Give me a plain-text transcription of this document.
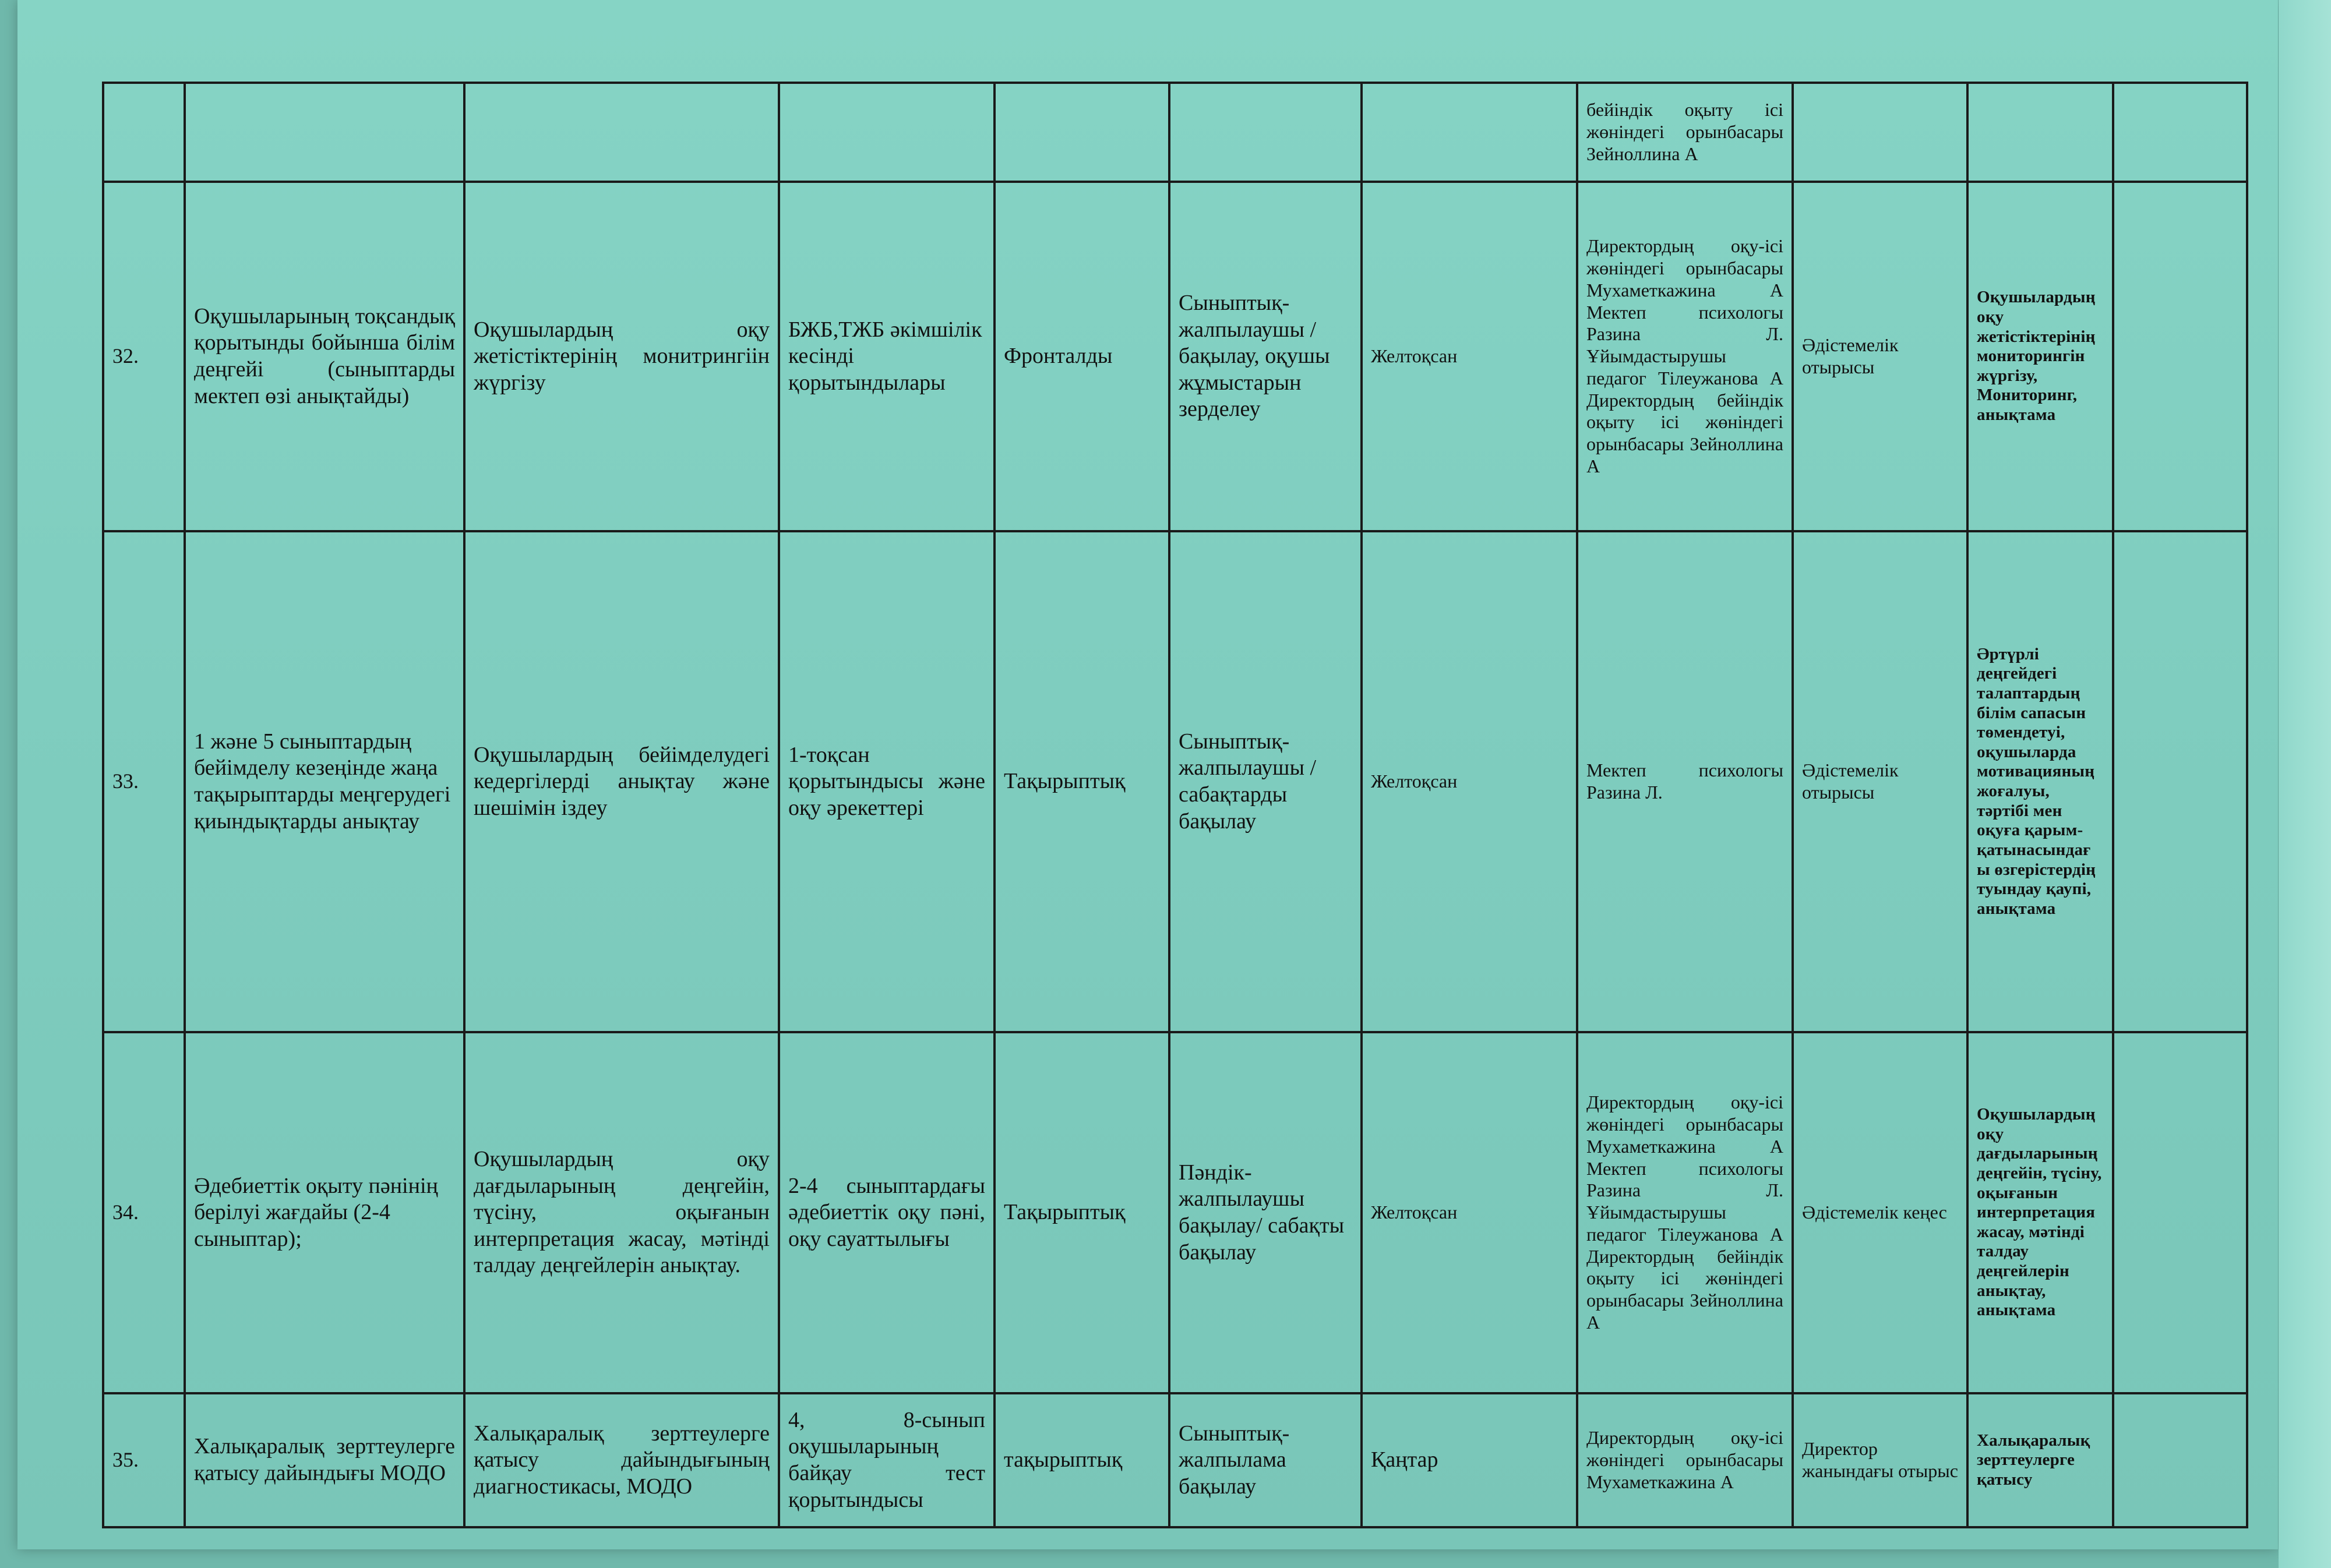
							бейіндік оқыту ісі жөніндегі орынбасары Зейноллина А			
32.	Оқушыларының тоқсандық қорытынды бойынша білім деңгейі (сыныптарды мектеп өзі анықтайды)	Оқушылардың оқу жетістіктерінің монитрингіін жүргізу	БЖБ,ТЖБ әкімшілік кесінді қорытындылары	Фронталды	Сыныптық-жалпылаушы / бақылау, оқушы жұмыстарын зерделеу	Желтоқсан	Директордың оқу-ісі жөніндегі орынбасары Мухаметкажина А Мектеп психологы Разина Л. Ұйымдастырушы педагог Тілеужанова А Директордың бейіндік оқыту ісі жөніндегі орынбасары Зейноллина А	Әдістемелік отырысы	Оқушылардың оқу жетістіктерінің мониторингін жүргізу, Мониторинг, анықтама	
33.	1 және 5 сыныптардың бейімделу кезеңінде жаңа тақырыптарды меңгерудегі қиындықтарды анықтау	Оқушылардың бейімделудегі кедергілерді анықтау және шешімін іздеу	1-тоқсан қорытындысы және оқу әрекеттері	Тақырыптық	Сыныптық-жалпылаушы / сабақтарды бақылау	Желтоқсан	Мектеп психологы Разина Л.	Әдістемелік отырысы	Әртүрлі деңгейдегі талаптардың білім сапасын төмендетуі, оқушыларда мотивацияның жоғалуы, тәртібі мен оқуға қарым-қатынасындағы өзгерістердің туындау қаупі, анықтама	
34.	Әдебиеттік оқыту пәнінің берілуі жағдайы (2-4 сыныптар);	Оқушылардың оқу дағдыларының деңгейін, түсіну, оқығанын интерпретация жасау, мәтінді талдау деңгейлерін анықтау.	2-4 сыныптардағы әдебиеттік оқу пәні, оқу сауаттылығы	Тақырыптық	Пәндік-жалпылаушы бақылау/ сабақты бақылау	Желтоқсан	Директордың оқу-ісі жөніндегі орынбасары Мухаметкажина А Мектеп психологы Разина Л. Ұйымдастырушы педагог Тілеужанова А Директордың бейіндік оқыту ісі жөніндегі орынбасары Зейноллина А	Әдістемелік кеңес	Оқушылардың оқу дағдыларының деңгейін, түсіну, оқығанын интерпретация жасау, мәтінді талдау деңгейлерін анықтау, анықтама	
35.	Халықаралық зерттеулерге қатысу дайындығы МОДО	Халықаралық зерттеулерге қатысу дайындығының диагностикасы, МОДО	4, 8-сынып оқушыларының байқау тест қорытындысы	тақырыптық	Сыныптық-жалпылама бақылау	Қаңтар	Директордың оқу-ісі жөніндегі орынбасары Мухаметкажина А	Директор жанындағы отырыс	Халықаралық зерттеулерге қатысу	
